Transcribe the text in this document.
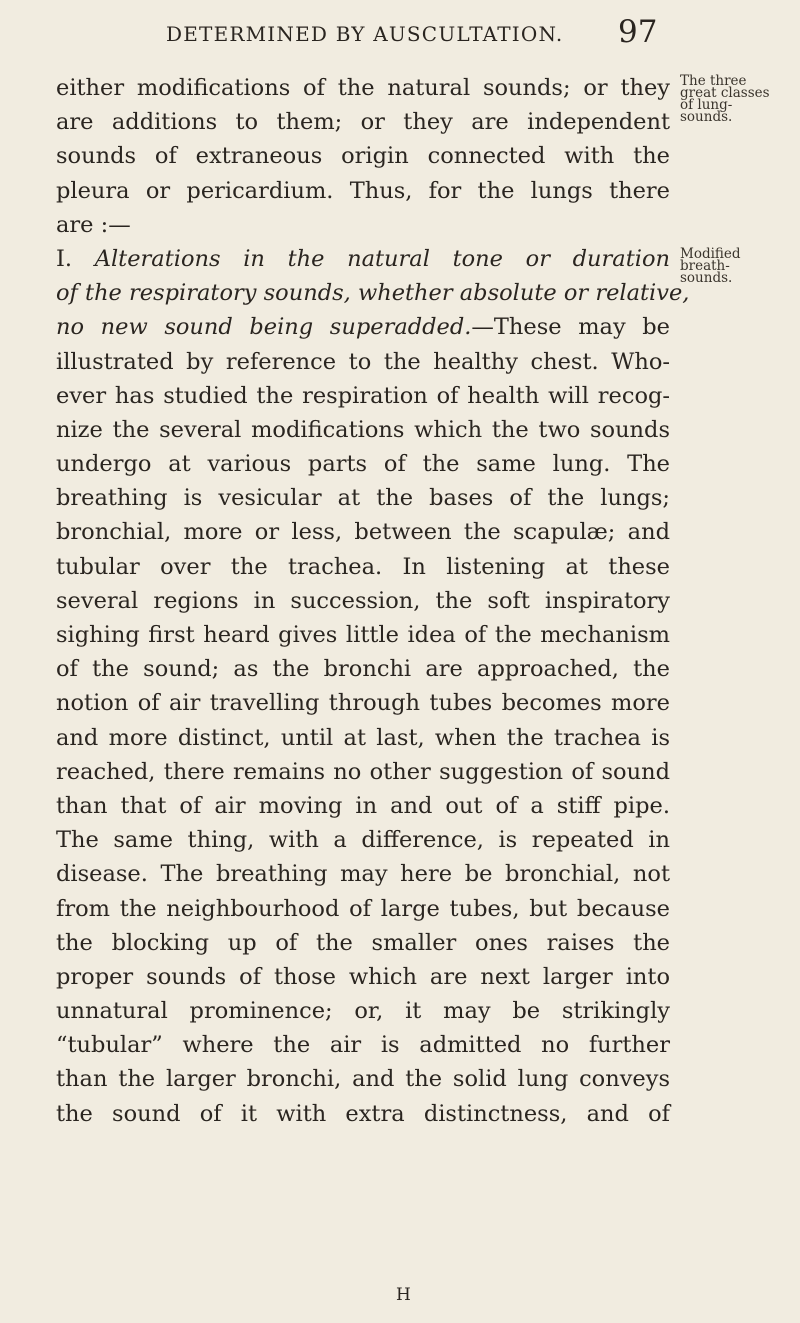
DETERMINED BY AUSCULTATION. 97
either modifications of the natural sounds; or they
are additions to them; or they are independent
sounds of extraneous origin connected with the
pleura or pericardium. Thus, for the lungs there
are :—
I. Alterations in the natural tone or duration
of the respiratory sounds, whether absolute or relative,
no new sound being superadded.—These may be
illustrated by reference to the healthy chest. Who-
ever has studied the respiration of health will recog-
nize the several modifications which the two sounds
undergo at various parts of the same lung. The
breathing is vesicular at the bases of the lungs;
bronchial, more or less, between the scapulæ; and
tubular over the trachea. In listening at these
several regions in succession, the soft inspiratory
sighing first heard gives little idea of the mechanism
of the sound; as the bronchi are approached, the
notion of air travelling through tubes becomes more
and more distinct, until at last, when the trachea is
reached, there remains no other suggestion of sound
than that of air moving in and out of a stiff pipe.
The same thing, with a difference, is repeated in
disease. The breathing may here be bronchial, not
from the neighbourhood of large tubes, but because
the blocking up of the smaller ones raises the
proper sounds of those which are next larger into
unnatural prominence; or, it may be strikingly
“tubular” where the air is admitted no further
than the larger bronchi, and the solid lung conveys
the sound of it with extra distinctness, and of
The three
great classes
of lung-
sounds.
Modified
breath-
sounds.
H
